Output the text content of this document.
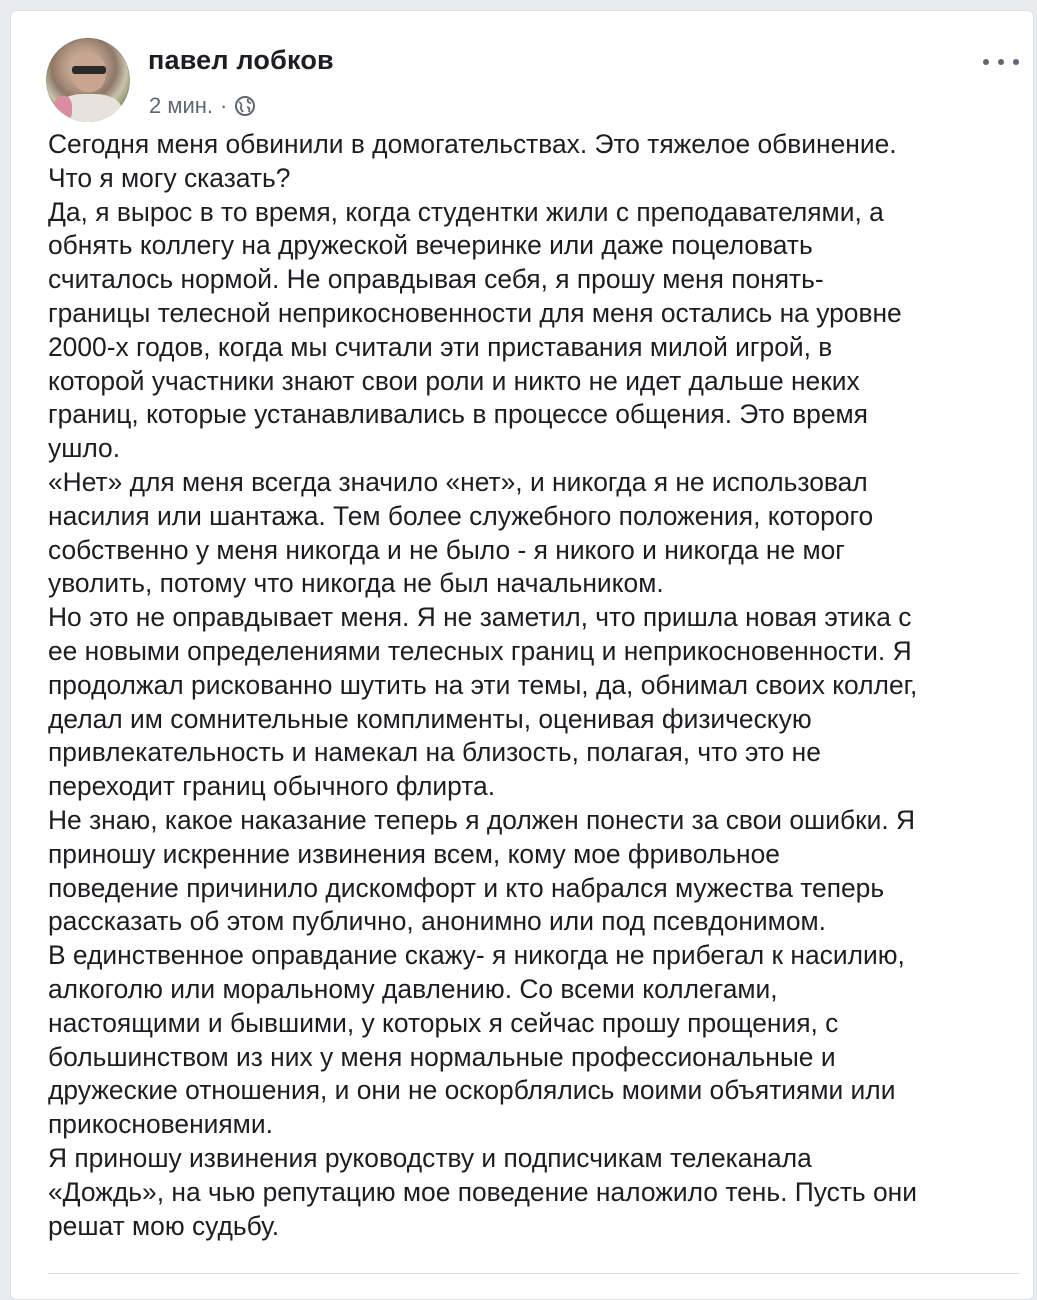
павел лобков
2 мин. ·
Сегодня меня обвинили в домогательствах. Это тяжелое обвинение.
Что я могу сказать?
Да, я вырос в то время, когда студентки жили с преподавателями, а
обнять коллегу на дружеской вечеринке или даже поцеловать
считалось нормой. Не оправдывая себя, я прошу меня понять-
границы телесной неприкосновенности для меня остались на уровне
2000-х годов, когда мы считали эти приставания милой игрой, в
которой участники знают свои роли и никто не идет дальше неких
границ, которые устанавливались в процессе общения. Это время
ушло.
«Нет» для меня всегда значило «нет», и никогда я не использовал
насилия или шантажа. Тем более служебного положения, которого
собственно у меня никогда и не было - я никого и никогда не мог
уволить, потому что никогда не был начальником.
Но это не оправдывает меня. Я не заметил, что пришла новая этика с
ее новыми определениями телесных границ и неприкосновенности. Я
продолжал рискованно шутить на эти темы, да, обнимал своих коллег,
делал им сомнительные комплименты, оценивая физическую
привлекательность и намекал на близость, полагая, что это не
переходит границ обычного флирта.
Не знаю, какое наказание теперь я должен понести за свои ошибки. Я
приношу искренние извинения всем, кому мое фривольное
поведение причинило дискомфорт и кто набрался мужества теперь
рассказать об этом публично, анонимно или под псевдонимом.
В единственное оправдание скажу- я никогда не прибегал к насилию,
алкоголю или моральному давлению. Со всеми коллегами,
настоящими и бывшими, у которых я сейчас прошу прощения, с
большинством из них у меня нормальные профессиональные и
дружеские отношения, и они не оскорблялись моими объятиями или
прикосновениями.
Я приношу извинения руководству и подписчикам телеканала
«Дождь», на чью репутацию мое поведение наложило тень. Пусть они
решат мою судьбу.
